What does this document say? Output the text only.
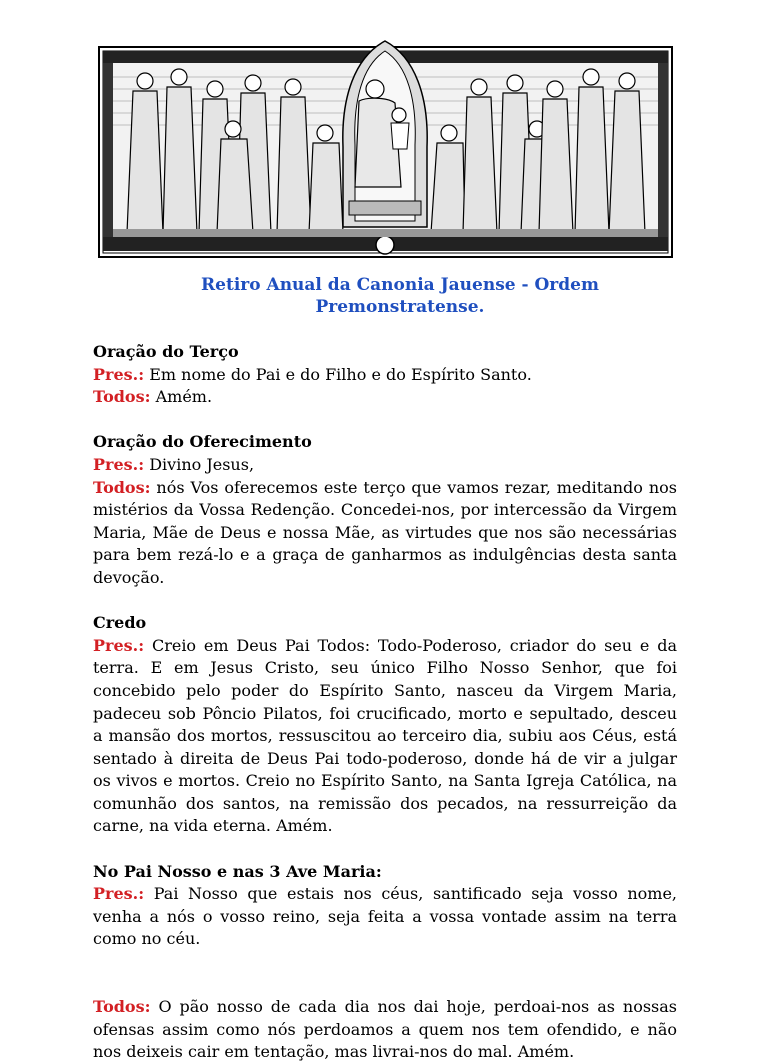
Retiro Anual da Canonia Jauense - Ordem
Premonstratense.

Oração do Terço

Pres.: Em nome do Pai e do Filho e do Espírito Santo.

Todos: Amém.

Oração do Oferecimento

Pres.: Divino Jesus,

Todos: nós Vos oferecemos este terço que vamos rezar, meditando nos mistérios da Vossa Redenção. Concedei-nos, por intercessão da Virgem Maria, Mãe de Deus e nossa Mãe, as virtudes que nos são necessárias para bem rezá-lo e a graça de ganharmos as indulgências desta santa devoção.

Credo

Pres.: Creio em Deus Pai Todos: Todo-Poderoso, criador do seu e da terra. E em Jesus Cristo, seu único Filho Nosso Senhor, que foi concebido pelo poder do Espírito Santo, nasceu da Virgem Maria, padeceu sob Pôncio Pilatos, foi crucificado, morto e sepultado, desceu a mansão dos mortos, ressuscitou ao terceiro dia, subiu aos Céus, está sentado à direita de Deus Pai todo-poderoso, donde há de vir a julgar os vivos e mortos. Creio no Espírito Santo, na Santa Igreja Católica, na comunhão dos santos, na remissão dos pecados, na ressurreição da carne, na vida eterna. Amém.

No Pai Nosso e nas 3 Ave Maria:

Pres.: Pai Nosso que estais nos céus, santificado seja vosso nome, venha a nós o vosso reino, seja feita a vossa vontade assim na terra como no céu.

Todos: O pão nosso de cada dia nos dai hoje, perdoai-nos as nossas ofensas assim como nós perdoamos a quem nos tem ofendido, e não nos deixeis cair em tentação, mas livrai-nos do mal. Amém.
